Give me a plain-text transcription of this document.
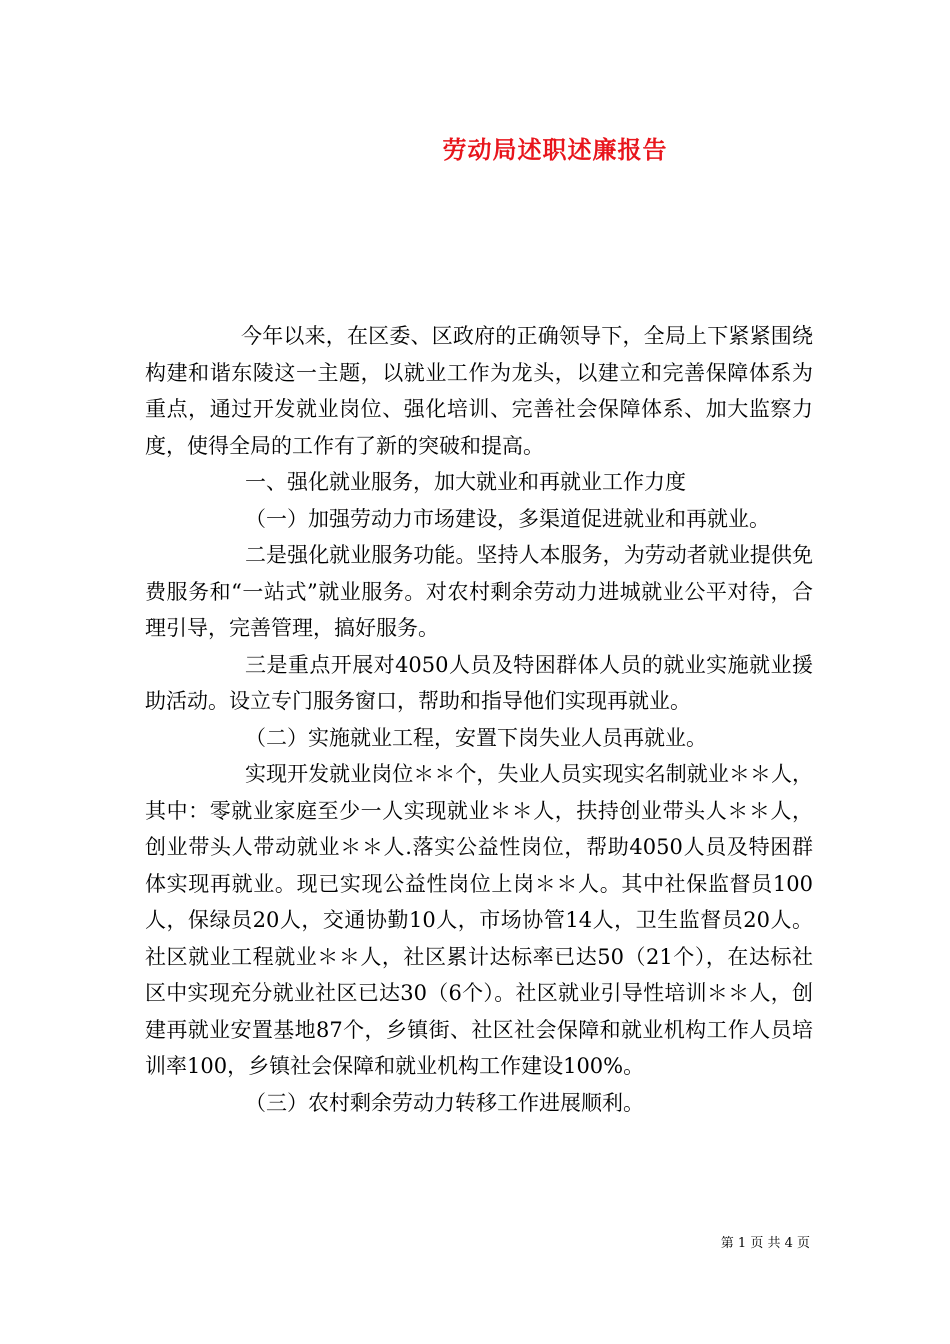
劳动局述职述廉报告

今年以来，在区委、区政府的正确领导下，全局上下紧紧围绕构建和谐东陵这一主题，以就业工作为龙头，以建立和完善保障体系为重点，通过开发就业岗位、强化培训、完善社会保障体系、加大监察力度，使得全局的工作有了新的突破和提高。

一、强化就业服务，加大就业和再就业工作力度

（一）加强劳动力市场建设，多渠道促进就业和再就业。

二是强化就业服务功能。坚持人本服务，为劳动者就业提供免费服务和“一站式”就业服务。对农村剩余劳动力进城就业公平对待，合理引导，完善管理，搞好服务。

三是重点开展对4050人员及特困群体人员的就业实施就业援助活动。设立专门服务窗口，帮助和指导他们实现再就业。

（二）实施就业工程，安置下岗失业人员再就业。

实现开发就业岗位＊＊个，失业人员实现实名制就业＊＊人，其中：零就业家庭至少一人实现就业＊＊人，扶持创业带头人＊＊人，创业带头人带动就业＊＊人.落实公益性岗位，帮助4050人员及特困群体实现再就业。现已实现公益性岗位上岗＊＊人。其中社保监督员100人，保绿员20人，交通协勤10人，市场协管14人，卫生监督员20人。社区就业工程就业＊＊人，社区累计达标率已达50（21个），在达标社区中实现充分就业社区已达30（6个）。社区就业引导性培训＊＊人，创建再就业安置基地87个，乡镇街、社区社会保障和就业机构工作人员培训率100，乡镇社会保障和就业机构工作建设100%。

（三）农村剩余劳动力转移工作进展顺利。

第 1 页 共 4 页
